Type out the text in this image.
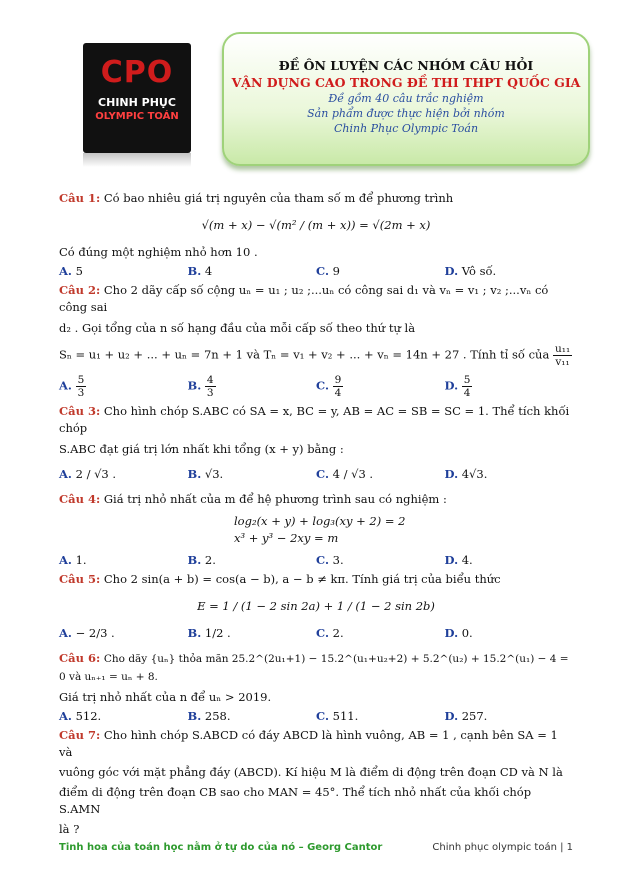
CPO
CHINH PHỤC
OLYMPIC TOÁN
ĐỀ ÔN LUYỆN CÁC NHÓM CÂU HỎI
VẬN DỤNG CAO TRONG ĐỀ THI THPT QUỐC GIA
Đề gồm 40 câu trắc nghiệm
Sản phẩm được thực hiện bởi nhóm
Chinh Phục Olympic Toán

Câu 1: Có bao nhiêu giá trị nguyên của tham số m để phương trình

√(m + x) − √(m² / (m + x)) = √(2m + x)

Có đúng một nghiệm nhỏ hơn 10 .

A. 5	B. 4	C. 9	D. Vô số.

Câu 2: Cho 2 dãy cấp số cộng uₙ = u₁ ; u₂ ;...uₙ có công sai d₁ và vₙ = v₁ ; v₂ ;...vₙ có công sai

d₂ . Gọi tổng của n số hạng đầu của mỗi cấp số theo thứ tự là

Sₙ = u₁ + u₂ + ... + uₙ = 7n + 1 và Tₙ = v₁ + v₂ + ... + vₙ = 14n + 27 . Tính tỉ số của $\frac{\text{u₁₁}}{\text{v₁₁}}$

A. $\frac{5}{3}$	B. $\frac{4}{3}$	C. $\frac{9}{4}$	D. $\frac{5}{4}$

Câu 3: Cho hình chóp S.ABC có SA = x, BC = y, AB = AC = SB = SC = 1. Thể tích khối chóp

S.ABC đạt giá trị lớn nhất khi tổng (x + y) bằng :

A. 2 / √3 .	B. √3.	C. 4 / √3 .	D. 4√3.

Câu 4: Giá trị nhỏ nhất của m để hệ phương trình sau có nghiệm :

log₂(x + y) + log₃(xy + 2) = 2
x³ + y³ − 2xy = m
A. 1.	B. 2.	C. 3.	D. 4.

Câu 5: Cho 2 sin(a + b) = cos(a − b), a − b ≠ kπ. Tính giá trị của biểu thức

E = 1 / (1 − 2 sin 2a) + 1 / (1 − 2 sin 2b)
A. − 2/3 .	B. 1/2 .	C. 2.	D. 0.

Câu 6: Cho dãy {uₙ} thỏa mãn 25.2^(2u₁+1) − 15.2^(u₁+u₂+2) + 5.2^(u₂) + 15.2^(u₁) − 4 = 0 và uₙ₊₁ = uₙ + 8.

Giá trị nhỏ nhất của n để uₙ > 2019.

A. 512.	B. 258.	C. 511.	D. 257.

Câu 7: Cho hình chóp S.ABCD có đáy ABCD là hình vuông, AB = 1 , cạnh bên SA = 1 và

vuông góc với mặt phẳng đáy (ABCD). Kí hiệu M là điểm di động trên đoạn CD và N là

điểm di động trên đoạn CB sao cho MAN = 45°. Thể tích nhỏ nhất của khối chóp S.AMN

là ?

Tinh hoa của toán học nằm ở tự do của nó – Georg Cantor	Chinh phục olympic toán | 1
